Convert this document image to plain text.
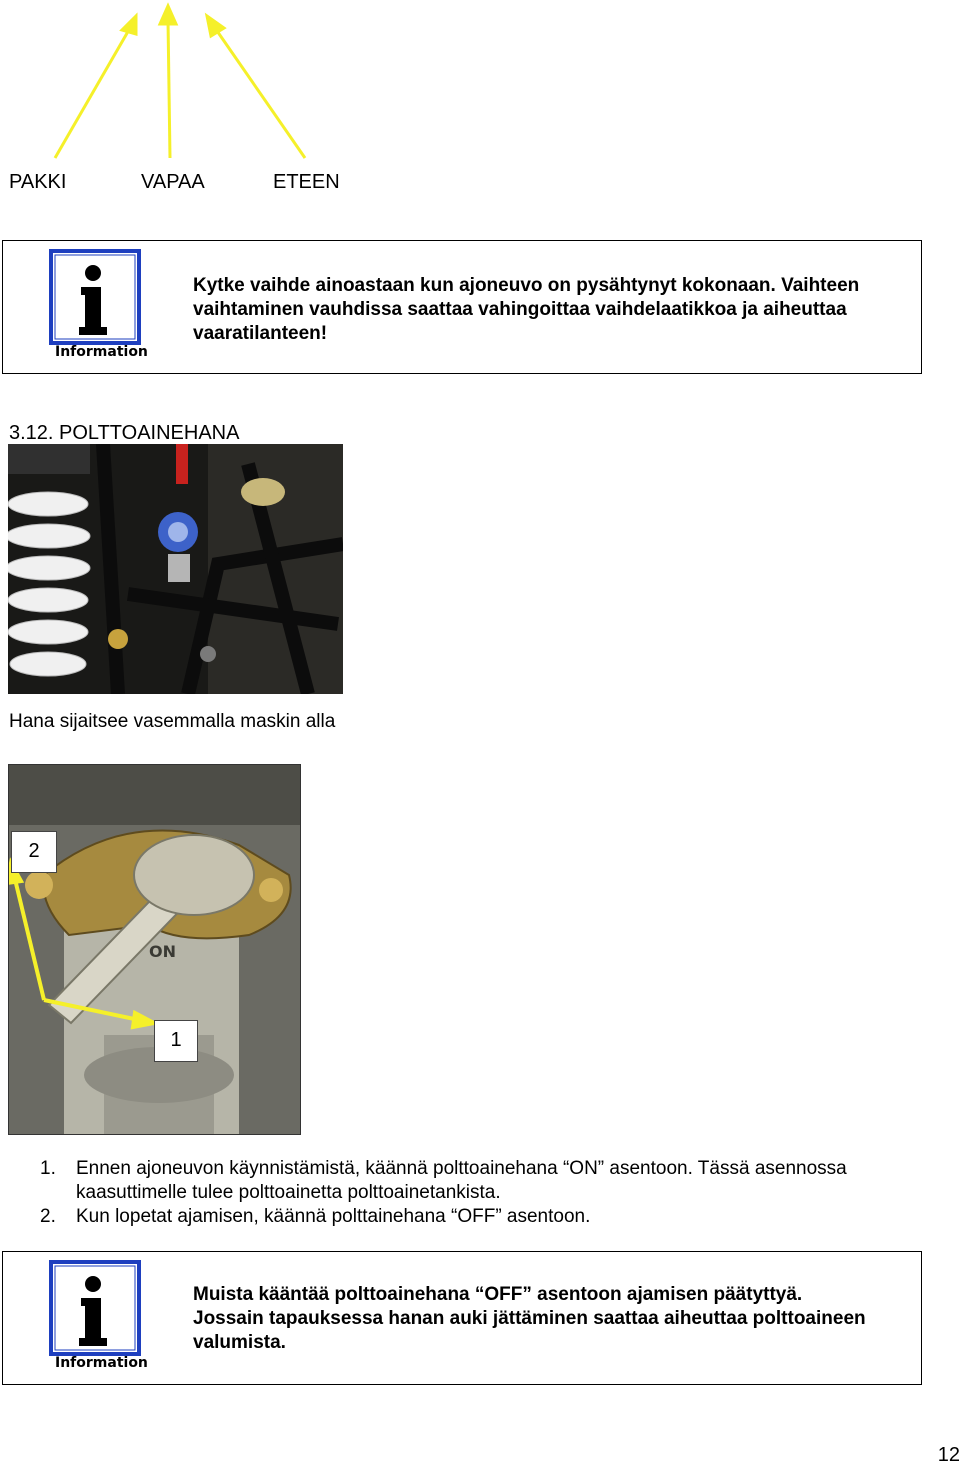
PAKKI	VAPAA	ETEEN
Information
Kytke vaihde ainoastaan kun ajoneuvo on pysähtynyt kokonaan. Vaihteen vaihtaminen vauhdissa saattaa vahingoittaa vaihdelaatikkoa ja aiheuttaa vaaratilanteen!
3.12. POLTTOAINEHANA
Hana sijaitsee vasemmalla maskin alla
ON
2
1
1. Ennen ajoneuvon käynnistämistä, käännä polttoainehana “ON” asentoon. Tässä asennossa kaasuttimelle tulee polttoainetta polttoainetankista.
2. Kun lopetat ajamisen, käännä polttainehana “OFF” asentoon.
Information
Muista kääntää polttoainehana “OFF” asentoon ajamisen päätyttyä. Jossain tapauksessa hanan auki jättäminen saattaa aiheuttaa polttoaineen valumista.
12
